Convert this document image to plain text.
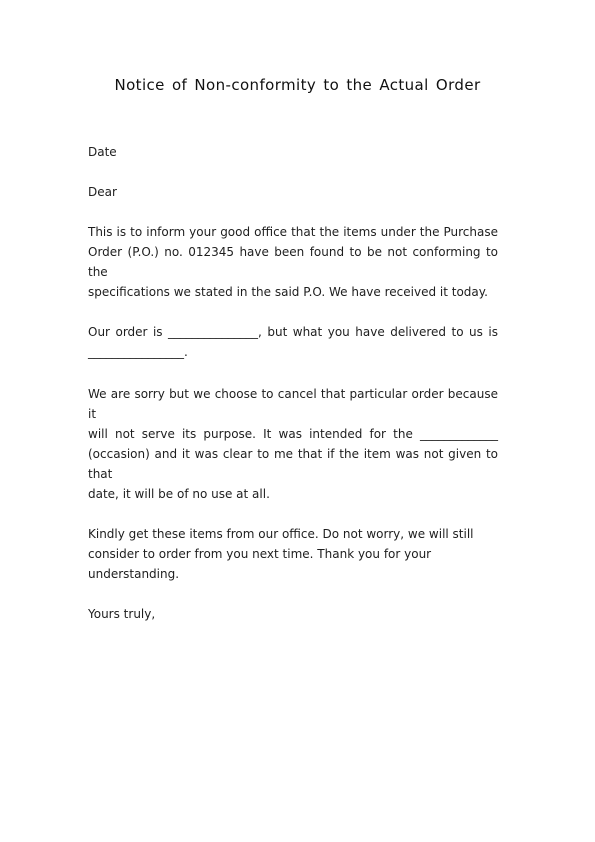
Notice of Non-conformity to the Actual Order
Date
Dear
This is to inform your good office that the items under the Purchase
Order (P.O.) no. 012345 have been found to be not conforming to the
specifications we stated in the said P.O. We have received it today.
Our order is _______________, but what you have delivered to us is
________________.
We are sorry but we choose to cancel that particular order because it
will not serve its purpose. It was intended for the _____________
(occasion) and it was clear to me that if the item was not given to that
date, it will be of no use at all.
Kindly get these items from our office. Do not worry, we will still
consider to order from you next time. Thank you for your
understanding.
Yours truly,
